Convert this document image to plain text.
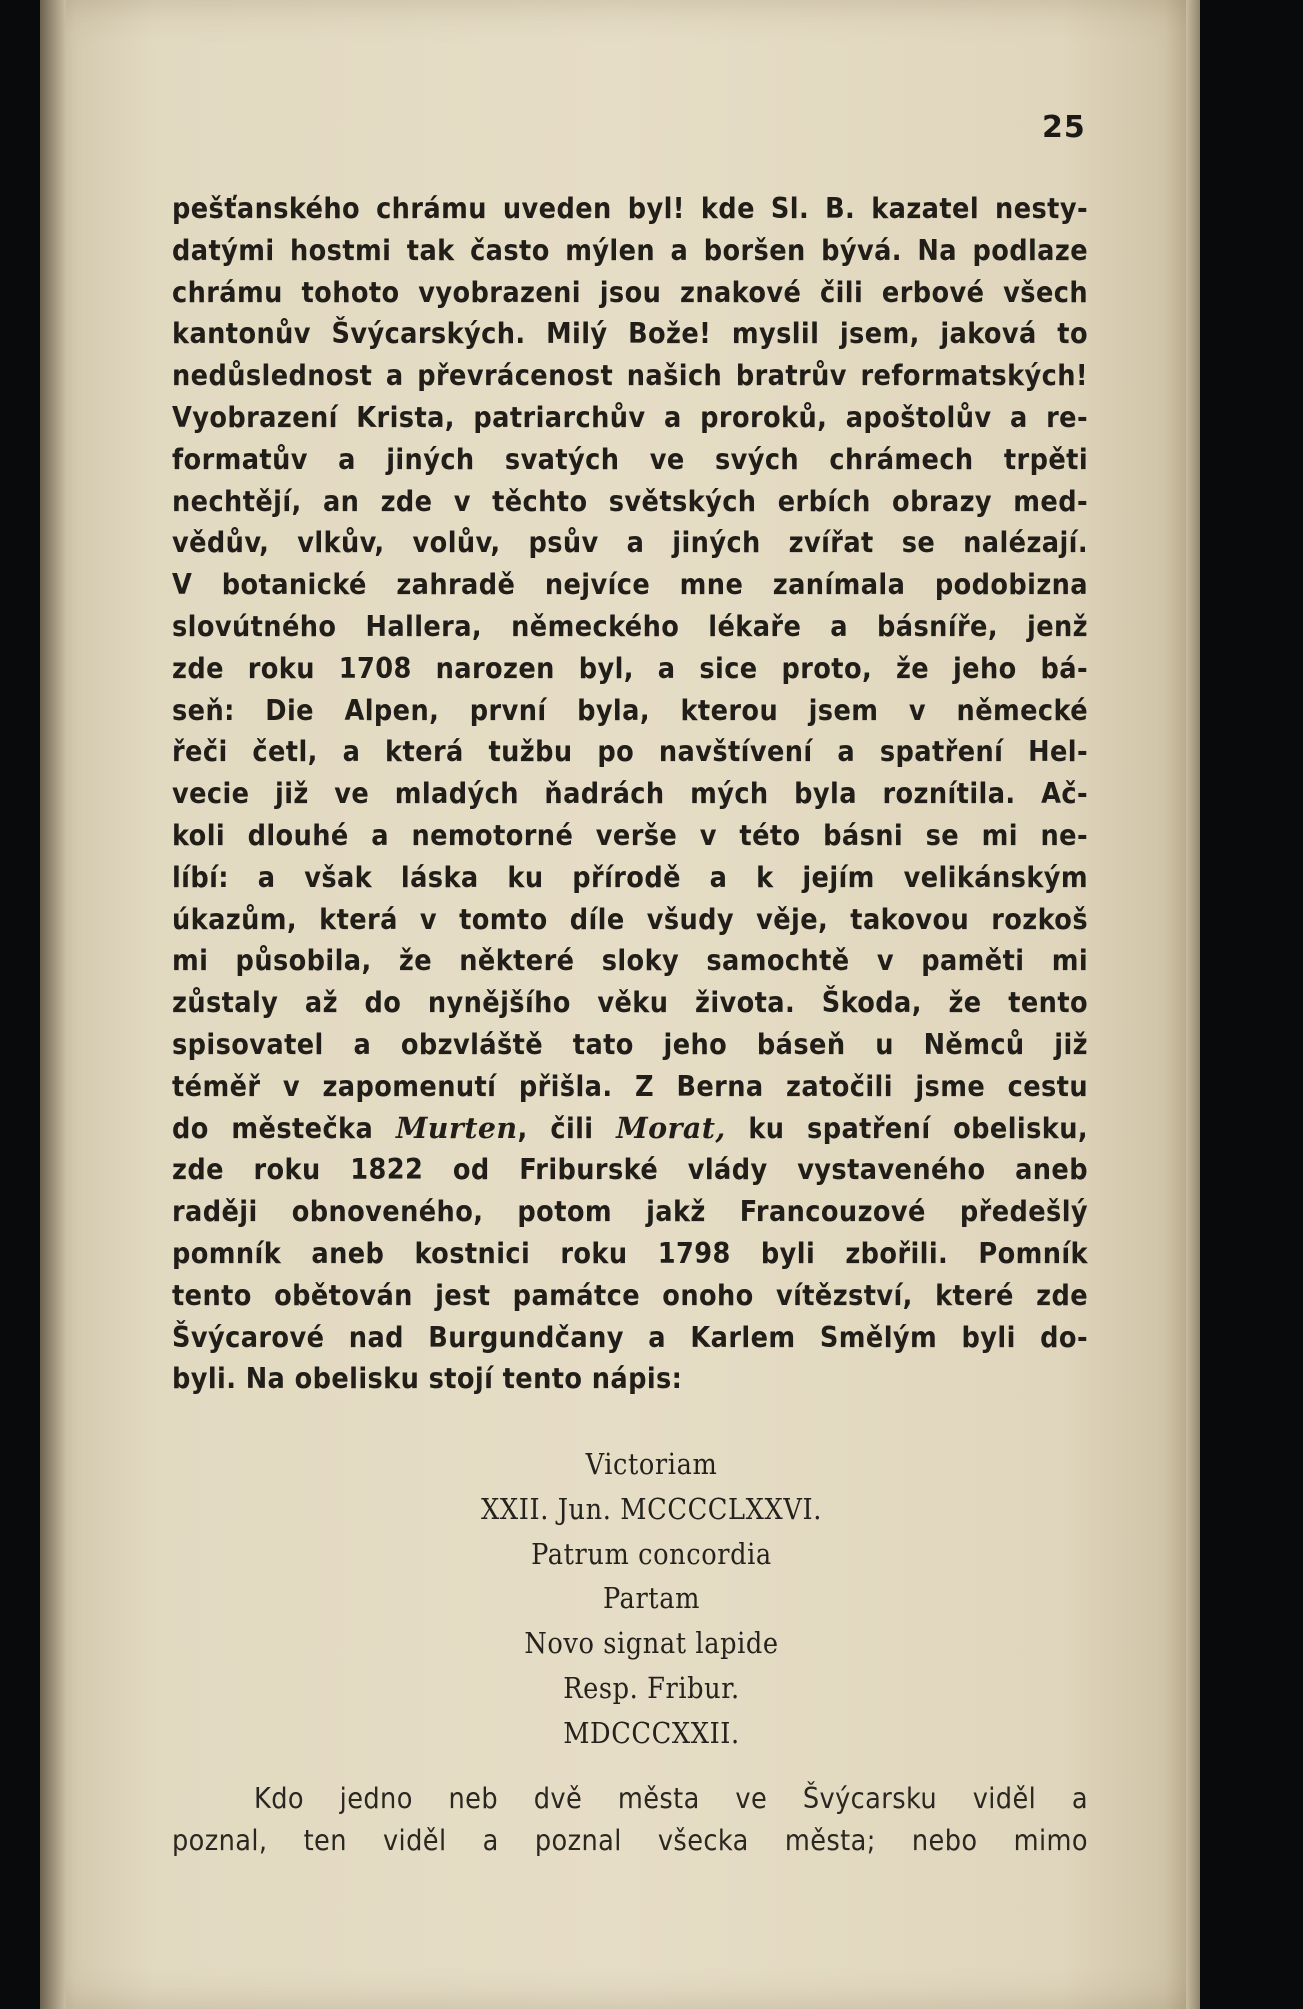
25
pešťanského chrámu uveden byl! kde Sl. B. kazatel nesty-
datými hostmi tak často mýlen a boršen bývá. Na podlaze
chrámu tohoto vyobrazeni jsou znakové čili erbové všech
kantonův Švýcarských. Milý Bože! myslil jsem, jaková to
nedůslednost a převrácenost našich bratrův reformatských!
Vyobrazení Krista, patriarchův a proroků, apoštolův a re-
formatův a jiných svatých ve svých chrámech trpěti
nechtějí, an zde v těchto světských erbích obrazy med-
vědův, vlkův, volův, psův a jiných zvířat se nalézají.
V botanické zahradě nejvíce mne zanímala podobizna
slovútného Hallera, německého lékaře a básníře, jenž
zde roku 1708 narozen byl, a sice proto, že jeho bá-
seň: Die Alpen, první byla, kterou jsem v německé
řeči četl, a která tužbu po navštívení a spatření Hel-
vecie již ve mladých ňadrách mých byla roznítila. Ač-
koli dlouhé a nemotorné verše v této básni se mi ne-
líbí: a však láska ku přírodě a k jejím velikánským
úkazům, která v tomto díle všudy věje, takovou rozkoš
mi působila, že některé sloky samochtě v paměti mi
zůstaly až do nynějšího věku života. Škoda, že tento
spisovatel a obzvláště tato jeho báseň u Němců již
téměř v zapomenutí přišla. Z Berna zatočili jsme cestu
do městečka Murten, čili Morat, ku spatření obelisku,
zde roku 1822 od Friburské vlády vystaveného aneb
raději obnoveného, potom jakž Francouzové předešlý
pomník aneb kostnici roku 1798 byli zbořili. Pomník
tento obětován jest památce onoho vítězství, které zde
Švýcarové nad Burgundčany a Karlem Smělým byli do-
byli. Na obelisku stojí tento nápis:
Victoriam
XXII. Jun. MCCCCLXXVI.
Patrum concordia
Partam
Novo signat lapide
Resp. Fribur.
MDCCCXXII.
Kdo jedno neb dvě města ve Švýcarsku viděl a
poznal, ten viděl a poznal všecka města; nebo mimo
